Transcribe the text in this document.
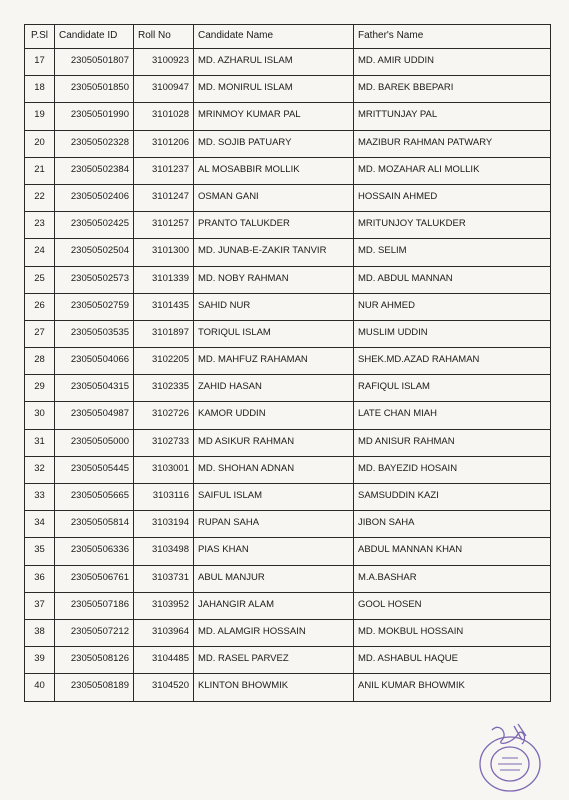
P.Sl	Candidate ID	Roll No	Candidate Name	Father's Name
17	23050501807	3100923	MD. AZHARUL ISLAM	MD. AMIR UDDIN
18	23050501850	3100947	MD. MONIRUL ISLAM	MD. BAREK BBEPARI
19	23050501990	3101028	MRINMOY KUMAR PAL	MRITTUNJAY PAL
20	23050502328	3101206	MD. SOJIB PATUARY	MAZIBUR RAHMAN PATWARY
21	23050502384	3101237	AL MOSABBIR MOLLIK	MD. MOZAHAR ALI MOLLIK
22	23050502406	3101247	OSMAN GANI	HOSSAIN AHMED
23	23050502425	3101257	PRANTO TALUKDER	MRITUNJOY TALUKDER
24	23050502504	3101300	MD. JUNAB-E-ZAKIR TANVIR	MD. SELIM
25	23050502573	3101339	MD. NOBY RAHMAN	MD. ABDUL MANNAN
26	23050502759	3101435	SAHID NUR	NUR AHMED
27	23050503535	3101897	TORIQUL ISLAM	MUSLIM UDDIN
28	23050504066	3102205	MD. MAHFUZ RAHAMAN	SHEK.MD.AZAD RAHAMAN
29	23050504315	3102335	ZAHID HASAN	RAFIQUL ISLAM
30	23050504987	3102726	KAMOR UDDIN	LATE CHAN MIAH
31	23050505000	3102733	MD ASIKUR RAHMAN	MD ANISUR RAHMAN
32	23050505445	3103001	MD. SHOHAN ADNAN	MD. BAYEZID HOSAIN
33	23050505665	3103116	SAIFUL ISLAM	SAMSUDDIN KAZI
34	23050505814	3103194	RUPAN SAHA	JIBON SAHA
35	23050506336	3103498	PIAS KHAN	ABDUL MANNAN KHAN
36	23050506761	3103731	ABUL MANJUR	M.A.BASHAR
37	23050507186	3103952	JAHANGIR ALAM	GOOL HOSEN
38	23050507212	3103964	MD. ALAMGIR HOSSAIN	MD. MOKBUL HOSSAIN
39	23050508126	3104485	MD. RASEL PARVEZ	MD. ASHABUL HAQUE
40	23050508189	3104520	KLINTON BHOWMIK	ANIL KUMAR BHOWMIK
